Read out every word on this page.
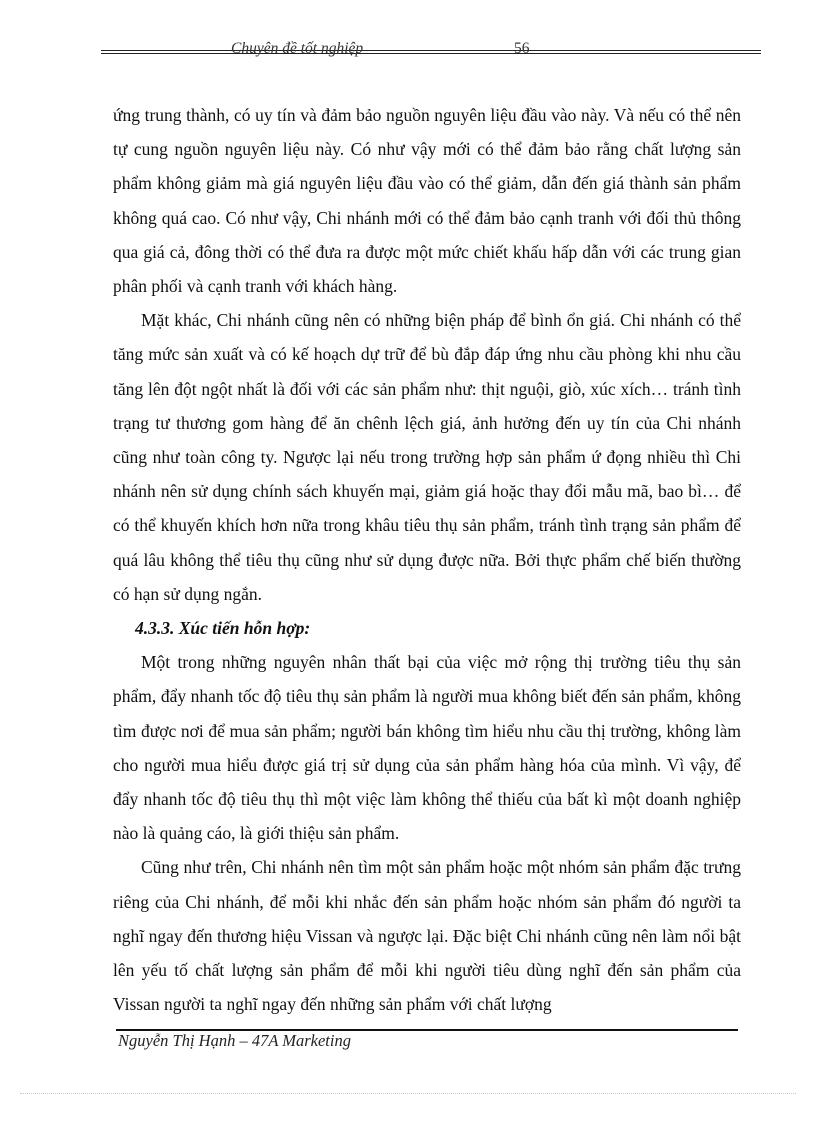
Chuyên đề tốt nghiệp	56

ứng trung thành, có uy tín và đảm bảo nguồn nguyên liệu đầu vào này. Và nếu có thể nên tự cung nguồn nguyên liệu này. Có như vậy mới có thể đảm bảo rằng chất lượng sản phẩm không giảm mà giá nguyên liệu đầu vào có thể giảm, dẫn đến giá thành sản phẩm không quá cao. Có như vậy, Chi nhánh mới có thể đảm bảo cạnh tranh với đối thủ thông qua giá cả, đông thời có thể đưa ra được một mức chiết khấu hấp dẫn với các trung gian phân phối và cạnh tranh với khách hàng.

Mặt khác, Chi nhánh cũng nên có những biện pháp để bình ổn giá. Chi nhánh có thể tăng mức sản xuất và có kế hoạch dự trữ để bù đắp đáp ứng nhu cầu phòng khi nhu cầu tăng lên đột ngột nhất là đối với các sản phẩm như: thịt nguội, giò, xúc xích… tránh tình trạng tư thương gom hàng để ăn chênh lệch giá, ảnh hưởng đến uy tín của Chi nhánh cũng như toàn công ty. Ngược lại nếu trong trường hợp sản phẩm ứ đọng nhiều thì Chi nhánh nên sử dụng chính sách khuyến mại, giảm giá hoặc thay đổi mẫu mã, bao bì… để có thể khuyến khích hơn nữa trong khâu tiêu thụ sản phẩm, tránh tình trạng sản phẩm để quá lâu không thể tiêu thụ cũng như sử dụng được nữa. Bởi thực phẩm chế biến thường có hạn sử dụng ngắn.

4.3.3. Xúc tiến hỗn hợp:

Một trong những nguyên nhân thất bại của việc mở rộng thị trường tiêu thụ sản phẩm, đẩy nhanh tốc độ tiêu thụ sản phẩm là người mua không biết đến sản phẩm, không tìm được nơi để mua sản phẩm; người bán không tìm hiểu nhu cầu thị trường, không làm cho người mua hiểu được giá trị sử dụng của sản phẩm hàng hóa của mình. Vì vậy, để đẩy nhanh tốc độ tiêu thụ thì một việc làm không thể thiếu của bất kì một doanh nghiệp nào là quảng cáo, là giới thiệu sản phẩm.

Cũng như trên, Chi nhánh nên tìm một sản phẩm hoặc một nhóm sản phẩm đặc trưng riêng của Chi nhánh, để mỗi khi nhắc đến sản phẩm hoặc nhóm sản phẩm đó người ta nghĩ ngay đến thương hiệu Vissan và ngược lại. Đặc biệt Chi nhánh cũng nên làm nổi bật lên yếu tố chất lượng sản phẩm để mỗi khi người tiêu dùng nghĩ đến sản phẩm của Vissan người ta nghĩ ngay đến những sản phẩm với chất lượng

Nguyễn Thị Hạnh – 47A Marketing
